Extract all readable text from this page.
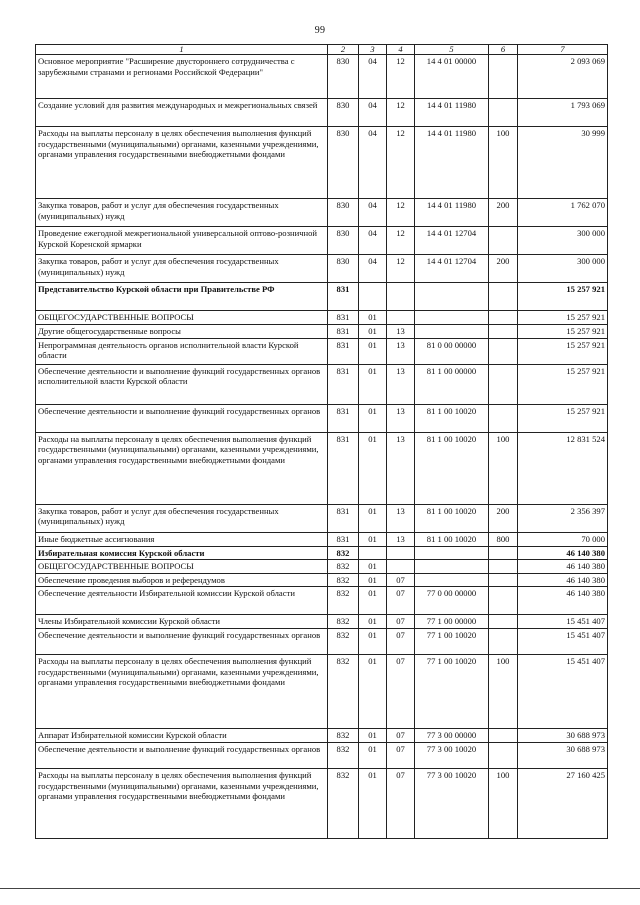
99
1	2	3	4	5	6	7
Основное мероприятие "Расширение двустороннего сотрудничества с зарубежными странами и регионами Российской Федерации"	830	04	12	14 4 01 00000		2 093 069
Создание условий для развития международных и межрегиональных связей	830	04	12	14 4 01 11980		1 793 069
Расходы на выплаты персоналу в целях обеспечения выполнения функций государственными (муниципальными) органами, казенными учреждениями, органами управления государственными внебюджетными фондами	830	04	12	14 4 01 11980	100	30 999
Закупка товаров, работ и услуг для обеспечения государственных (муниципальных) нужд	830	04	12	14 4 01 11980	200	1 762 070
Проведение ежегодной межрегиональной универсальной оптово-розничной Курской Коренской ярмарки	830	04	12	14 4 01 12704		300 000
Закупка товаров, работ и услуг для обеспечения государственных (муниципальных) нужд	830	04	12	14 4 01 12704	200	300 000
Представительство Курской области при Правительстве РФ	831					15 257 921
ОБЩЕГОСУДАРСТВЕННЫЕ ВОПРОСЫ	831	01				15 257 921
Другие общегосударственные вопросы	831	01	13			15 257 921
Непрограммная деятельность органов исполнительной власти Курской области	831	01	13	81 0 00 00000		15 257 921
Обеспечение деятельности и выполнение функций государственных органов исполнительной власти Курской области	831	01	13	81 1 00 00000		15 257 921
Обеспечение деятельности и выполнение функций государственных органов	831	01	13	81 1 00 10020		15 257 921
Расходы на выплаты персоналу в целях обеспечения выполнения функций государственными (муниципальными) органами, казенными учреждениями, органами управления государственными внебюджетными фондами	831	01	13	81 1 00 10020	100	12 831 524
Закупка товаров, работ и услуг для обеспечения государственных (муниципальных) нужд	831	01	13	81 1 00 10020	200	2 356 397
Иные бюджетные ассигнования	831	01	13	81 1 00 10020	800	70 000
Избирательная комиссия Курской области	832					46 140 380
ОБЩЕГОСУДАРСТВЕННЫЕ ВОПРОСЫ	832	01				46 140 380
Обеспечение проведения выборов и референдумов	832	01	07			46 140 380
Обеспечение деятельности Избирательной комиссии Курской области	832	01	07	77 0 00 00000		46 140 380
Члены Избирательной комиссии Курской области	832	01	07	77 1 00 00000		15 451 407
Обеспечение деятельности и выполнение функций государственных органов	832	01	07	77 1 00 10020		15 451 407
Расходы на выплаты персоналу в целях обеспечения выполнения функций государственными (муниципальными) органами, казенными учреждениями, органами управления государственными внебюджетными фондами	832	01	07	77 1 00 10020	100	15 451 407
Аппарат Избирательной комиссии Курской области	832	01	07	77 3 00 00000		30 688 973
Обеспечение деятельности и выполнение функций государственных органов	832	01	07	77 3 00 10020		30 688 973
Расходы на выплаты персоналу в целях обеспечения выполнения функций государственными (муниципальными) органами, казенными учреждениями, органами управления государственными внебюджетными фондами	832	01	07	77 3 00 10020	100	27 160 425
